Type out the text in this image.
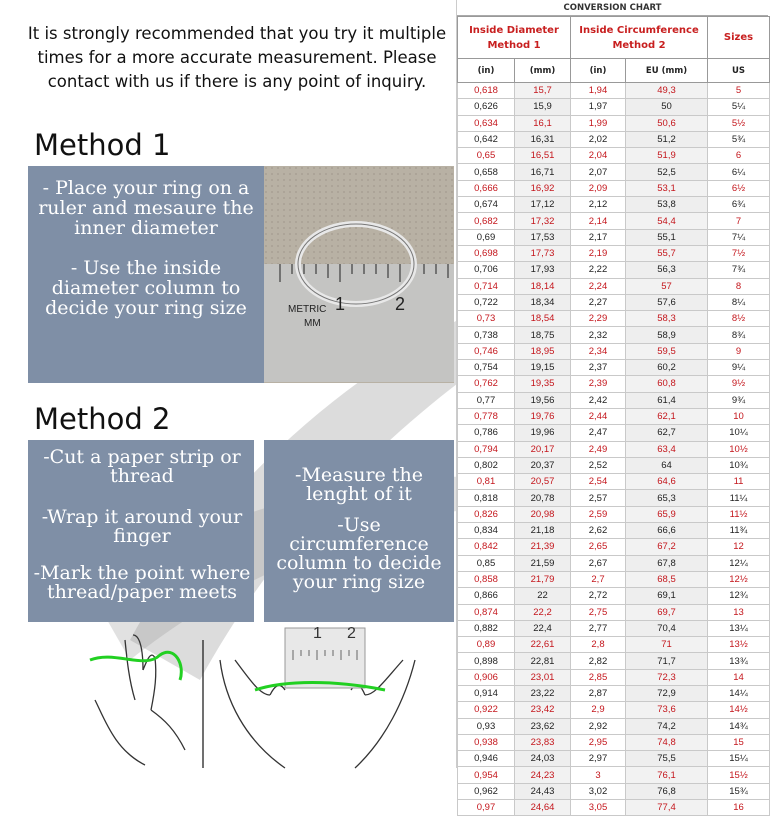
It is strongly recommended that you try it multiple times for a more accurate measurement. Please contact with us if there is any point of inquiry.
Method 1

- Place your ring on a ruler and mesaure the inner diameter

- Use the inside diameter column to decide your ring size	METRIC
MM
1	2
Method 2

-Cut a paper strip or thread

-Wrap it around your finger

-Mark the point where thread/paper meets

-Measure the lenght of it

-Use circumference column to decide your ring size

1 2
CONVERSION CHART
Inside Diameter Method 1		Inside Circumference Method 2		Sizes
(in)	(mm)	(in)	EU (mm)	US
0,618	15,7	1,94	49,3	5
0,626	15,9	1,97	50	5¼
0,634	16,1	1,99	50,6	5½
0,642	16,31	2,02	51,2	5¾
0,65	16,51	2,04	51,9	6
0,658	16,71	2,07	52,5	6¼
0,666	16,92	2,09	53,1	6½
0,674	17,12	2,12	53,8	6¾
0,682	17,32	2,14	54,4	7
0,69	17,53	2,17	55,1	7¼
0,698	17,73	2,19	55,7	7½
0,706	17,93	2,22	56,3	7¾
0,714	18,14	2,24	57	8
0,722	18,34	2,27	57,6	8¼
0,73	18,54	2,29	58,3	8½
0,738	18,75	2,32	58,9	8¾
0,746	18,95	2,34	59,5	9
0,754	19,15	2,37	60,2	9¼
0,762	19,35	2,39	60,8	9½
0,77	19,56	2,42	61,4	9¾
0,778	19,76	2,44	62,1	10
0,786	19,96	2,47	62,7	10¼
0,794	20,17	2,49	63,4	10½
0,802	20,37	2,52	64	10¾
0,81	20,57	2,54	64,6	11
0,818	20,78	2,57	65,3	11¼
0,826	20,98	2,59	65,9	11½
0,834	21,18	2,62	66,6	11¾
0,842	21,39	2,65	67,2	12
0,85	21,59	2,67	67,8	12¼
0,858	21,79	2,7	68,5	12½
0,866	22	2,72	69,1	12¾
0,874	22,2	2,75	69,7	13
0,882	22,4	2,77	70,4	13¼
0,89	22,61	2,8	71	13½
0,898	22,81	2,82	71,7	13¾
0,906	23,01	2,85	72,3	14
0,914	23,22	2,87	72,9	14¼
0,922	23,42	2,9	73,6	14½
0,93	23,62	2,92	74,2	14¾
0,938	23,83	2,95	74,8	15
0,946	24,03	2,97	75,5	15¼
0,954	24,23	3	76,1	15½
0,962	24,43	3,02	76,8	15¾
0,97	24,64	3,05	77,4	16
